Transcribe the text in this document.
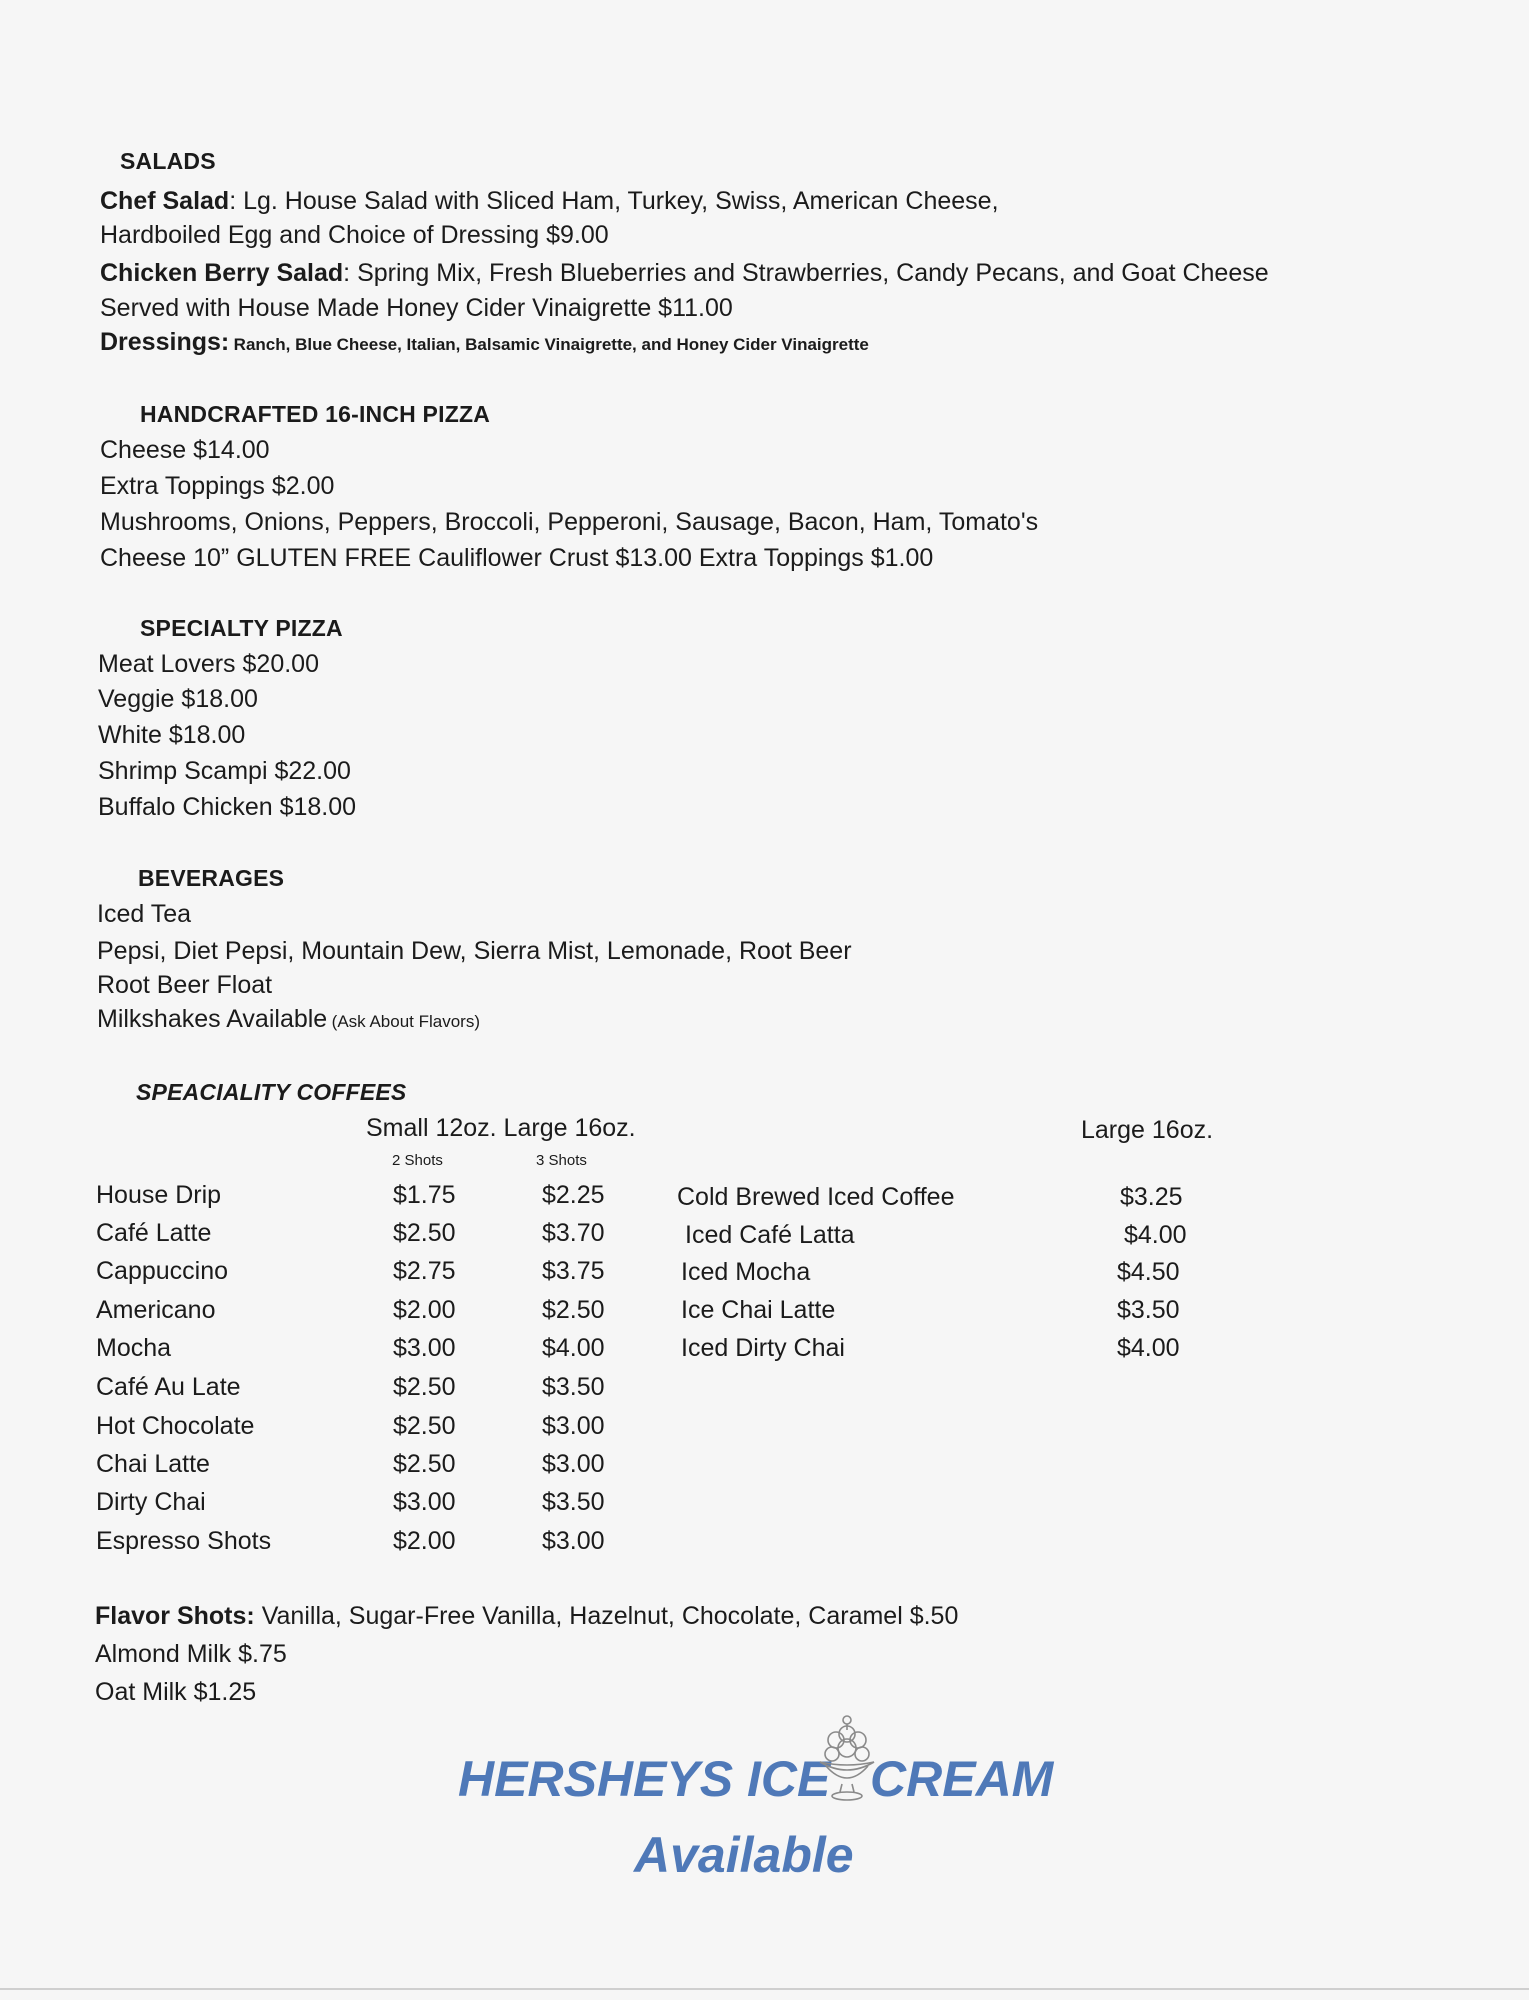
SALADS
Chef Salad: Lg. House Salad with Sliced Ham, Turkey, Swiss, American Cheese,
Hardboiled Egg and Choice of Dressing $9.00
Chicken Berry Salad: Spring Mix, Fresh Blueberries and Strawberries, Candy Pecans, and Goat Cheese
Served with House Made Honey Cider Vinaigrette $11.00
Dressings: Ranch, Blue Cheese, Italian, Balsamic Vinaigrette, and Honey Cider Vinaigrette
HANDCRAFTED 16-INCH PIZZA
Cheese $14.00
Extra Toppings $2.00
Mushrooms, Onions, Peppers, Broccoli, Pepperoni, Sausage, Bacon, Ham, Tomato's
Cheese 10” GLUTEN FREE Cauliflower Crust $13.00 Extra Toppings $1.00
SPECIALTY PIZZA
Meat Lovers $20.00
Veggie $18.00
White $18.00
Shrimp Scampi $22.00
Buffalo Chicken $18.00
BEVERAGES
Iced Tea
Pepsi, Diet Pepsi, Mountain Dew, Sierra Mist, Lemonade, Root Beer
Root Beer Float
Milkshakes Available (Ask About Flavors)
SPEACIALITY COFFEES
Small 12oz. Large 16oz.	Large 16oz.
2 Shots	3 Shots
House Drip	$1.75	$2.25
Café Latte	$2.50	$3.70
Cappuccino	$2.75	$3.75
Americano	$2.00	$2.50
Mocha	$3.00	$4.00
Café Au Late	$2.50	$3.50
Hot Chocolate	$2.50	$3.00
Chai Latte	$2.50	$3.00
Dirty Chai	$3.00	$3.50
Espresso Shots	$2.00	$3.00
Cold Brewed Iced Coffee	$3.25
Iced Café Latta	$4.00
Iced Mocha	$4.50
Ice Chai Latte	$3.50
Iced Dirty Chai	$4.00
Flavor Shots: Vanilla, Sugar-Free Vanilla, Hazelnut, Chocolate, Caramel $.50
Almond Milk $.75
Oat Milk $1.25
HERSHEYS ICE CREAM
Available
